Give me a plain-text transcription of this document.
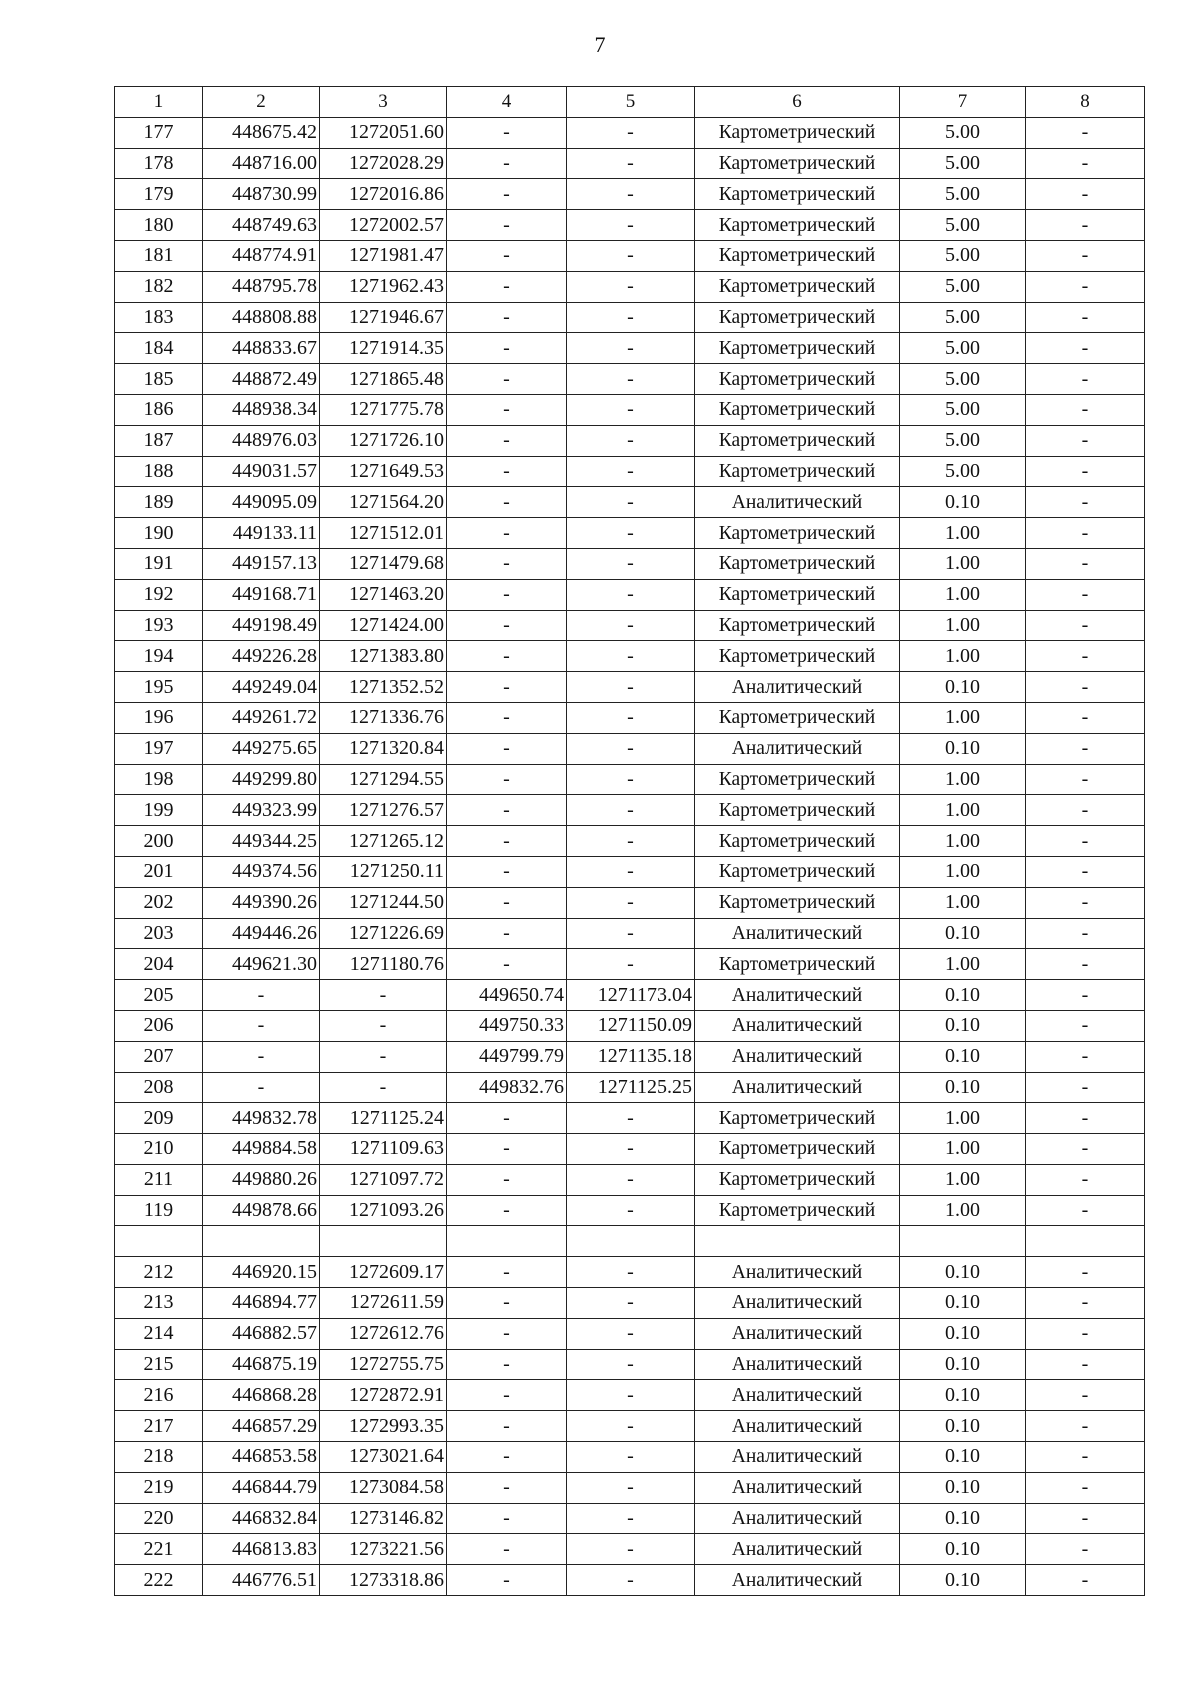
7
1	2	3	4	5	6	7	8
177	448675.42	1272051.60	-	-	Картометрический	5.00	-
178	448716.00	1272028.29	-	-	Картометрический	5.00	-
179	448730.99	1272016.86	-	-	Картометрический	5.00	-
180	448749.63	1272002.57	-	-	Картометрический	5.00	-
181	448774.91	1271981.47	-	-	Картометрический	5.00	-
182	448795.78	1271962.43	-	-	Картометрический	5.00	-
183	448808.88	1271946.67	-	-	Картометрический	5.00	-
184	448833.67	1271914.35	-	-	Картометрический	5.00	-
185	448872.49	1271865.48	-	-	Картометрический	5.00	-
186	448938.34	1271775.78	-	-	Картометрический	5.00	-
187	448976.03	1271726.10	-	-	Картометрический	5.00	-
188	449031.57	1271649.53	-	-	Картометрический	5.00	-
189	449095.09	1271564.20	-	-	Аналитический	0.10	-
190	449133.11	1271512.01	-	-	Картометрический	1.00	-
191	449157.13	1271479.68	-	-	Картометрический	1.00	-
192	449168.71	1271463.20	-	-	Картометрический	1.00	-
193	449198.49	1271424.00	-	-	Картометрический	1.00	-
194	449226.28	1271383.80	-	-	Картометрический	1.00	-
195	449249.04	1271352.52	-	-	Аналитический	0.10	-
196	449261.72	1271336.76	-	-	Картометрический	1.00	-
197	449275.65	1271320.84	-	-	Аналитический	0.10	-
198	449299.80	1271294.55	-	-	Картометрический	1.00	-
199	449323.99	1271276.57	-	-	Картометрический	1.00	-
200	449344.25	1271265.12	-	-	Картометрический	1.00	-
201	449374.56	1271250.11	-	-	Картометрический	1.00	-
202	449390.26	1271244.50	-	-	Картометрический	1.00	-
203	449446.26	1271226.69	-	-	Аналитический	0.10	-
204	449621.30	1271180.76	-	-	Картометрический	1.00	-
205	-	-	449650.74	1271173.04	Аналитический	0.10	-
206	-	-	449750.33	1271150.09	Аналитический	0.10	-
207	-	-	449799.79	1271135.18	Аналитический	0.10	-
208	-	-	449832.76	1271125.25	Аналитический	0.10	-
209	449832.78	1271125.24	-	-	Картометрический	1.00	-
210	449884.58	1271109.63	-	-	Картометрический	1.00	-
211	449880.26	1271097.72	-	-	Картометрический	1.00	-
119	449878.66	1271093.26	-	-	Картометрический	1.00	-

212	446920.15	1272609.17	-	-	Аналитический	0.10	-
213	446894.77	1272611.59	-	-	Аналитический	0.10	-
214	446882.57	1272612.76	-	-	Аналитический	0.10	-
215	446875.19	1272755.75	-	-	Аналитический	0.10	-
216	446868.28	1272872.91	-	-	Аналитический	0.10	-
217	446857.29	1272993.35	-	-	Аналитический	0.10	-
218	446853.58	1273021.64	-	-	Аналитический	0.10	-
219	446844.79	1273084.58	-	-	Аналитический	0.10	-
220	446832.84	1273146.82	-	-	Аналитический	0.10	-
221	446813.83	1273221.56	-	-	Аналитический	0.10	-
222	446776.51	1273318.86	-	-	Аналитический	0.10	-
